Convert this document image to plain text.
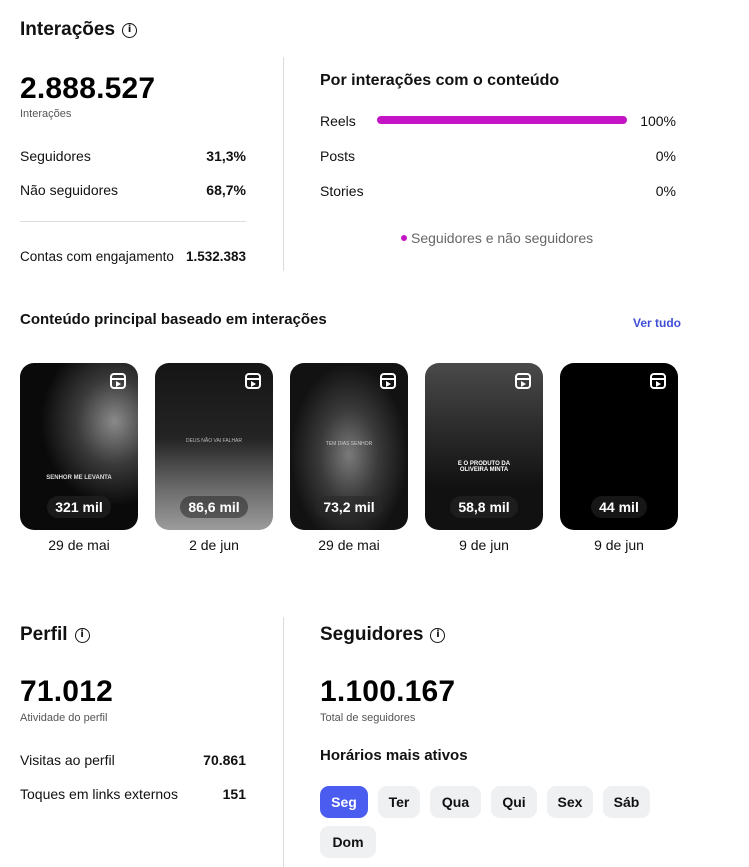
Interações i
2.888.527
Interações
Seguidores	31,3%
Não seguidores	68,7%
Contas com engajamento 1.532.383
Por interações com o conteúdo
Reels	100%
Posts	0%
Stories	0%
Seguidores e não seguidores
Conteúdo principal baseado em interações	Ver tudo
SENHOR ME LEVANTA
321 mil
29 de mai
DEUS NÃO VAI FALHAR
86,6 mil
2 de jun
TEM DIAS SENHOR
73,2 mil
29 de mai
E O PRODUTO DA OLIVEIRA MINTA
58,8 mil
9 de jun
44 mil
9 de jun
Perfil i
71.012
Atividade do perfil
Visitas ao perfil	70.861
Toques em links externos	151
Seguidores i
1.100.167
Total de seguidores
Horários mais ativos
Seg	Ter	Qua	Qui	Sex	Sáb
Dom
